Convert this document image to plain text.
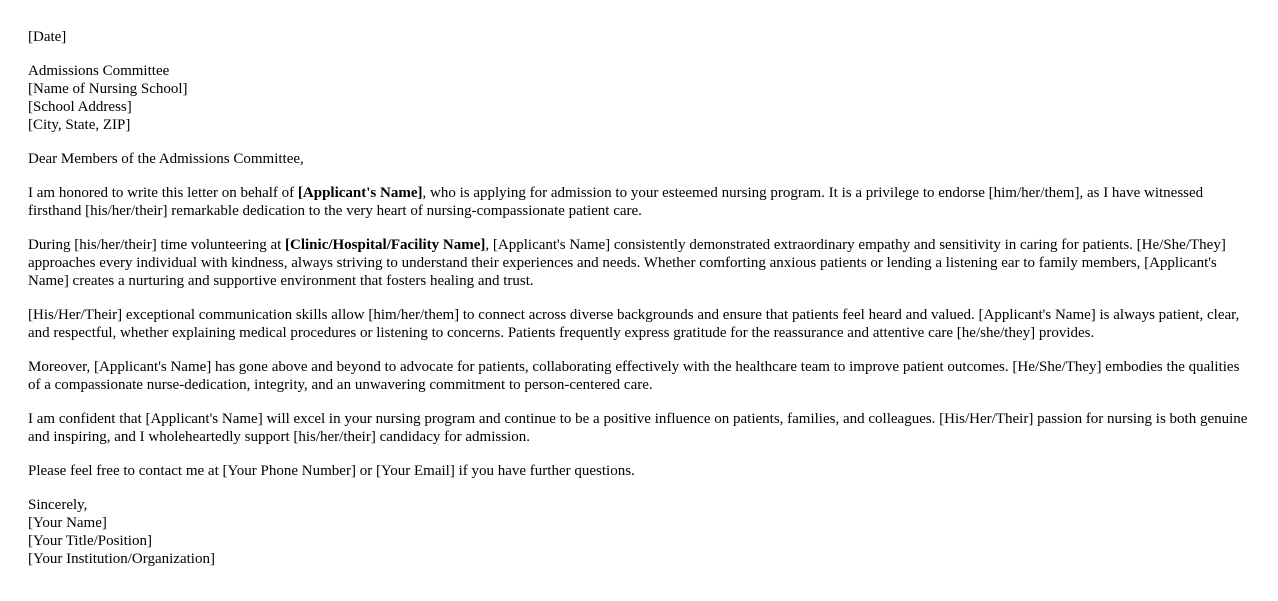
[Date]
Admissions Committee
[Name of Nursing School]
[School Address]
[City, State, ZIP]

Dear Members of the Admissions Committee,

I am honored to write this letter on behalf of [Applicant's Name], who is applying for admission to your esteemed nursing program. It is a privilege to endorse [him/her/them], as I have witnessed firsthand [his/her/their] remarkable dedication to the very heart of nursing-compassionate patient care.

During [his/her/their] time volunteering at [Clinic/Hospital/Facility Name], [Applicant's Name] consistently demonstrated extraordinary empathy and sensitivity in caring for patients. [He/She/They] approaches every individual with kindness, always striving to understand their experiences and needs. Whether comforting anxious patients or lending a listening ear to family members, [Applicant's Name] creates a nurturing and supportive environment that fosters healing and trust.

[His/Her/Their] exceptional communication skills allow [him/her/them] to connect across diverse backgrounds and ensure that patients feel heard and valued. [Applicant's Name] is always patient, clear, and respectful, whether explaining medical procedures or listening to concerns. Patients frequently express gratitude for the reassurance and attentive care [he/she/they] provides.

Moreover, [Applicant's Name] has gone above and beyond to advocate for patients, collaborating effectively with the healthcare team to improve patient outcomes. [He/She/They] embodies the qualities of a compassionate nurse-dedication, integrity, and an unwavering commitment to person-centered care.

I am confident that [Applicant's Name] will excel in your nursing program and continue to be a positive influence on patients, families, and colleagues. [His/Her/Their] passion for nursing is both genuine and inspiring, and I wholeheartedly support [his/her/their] candidacy for admission.

Please feel free to contact me at [Your Phone Number] or [Your Email] if you have further questions.

Sincerely,
[Your Name]
[Your Title/Position]
[Your Institution/Organization]
